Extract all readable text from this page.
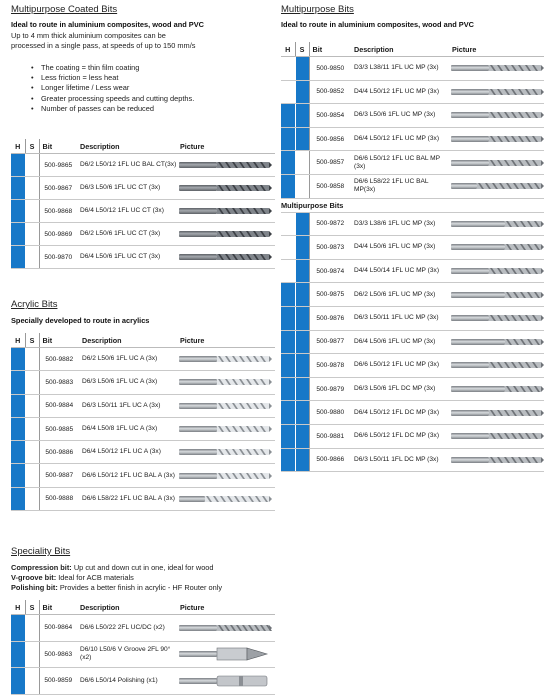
Multipurpose Coated Bits
Ideal to route in aluminium composites, wood and PVC
Up to 4 mm thick aluminium composites can be
processed in a single pass, at speeds of up to 150 mm/s
• The coating = thin film coating
• Less friction = less heat
• Longer lifetime / Less wear
• Greater processing speeds and cutting depths.
• Number of passes can be reduced
H	S	Bit	Description	Picture
		500-9865	D6/2 L50/12 1FL UC BAL CT(3x)	

		500-9867	D6/3 L50/6 1FL UC CT (3x)	

		500-9868	D6/4 L50/12 1FL UC CT (3x)	

		500-9869	D6/2 L50/6 1FL UC CT (3x)	

		500-9870	D6/4 L50/6 1FL UC CT (3x)	
Acrylic Bits
Specially developed to route in acrylics
H	S	Bit	Description	Picture
		500-9882	D6/2 L50/6 1FL UC A (3x)	

		500-9883	D6/3 L50/6 1FL UC A (3x)	

		500-9884	D6/3 L50/11 1FL UC A (3x)	

		500-9885	D6/4 L50/8 1FL UC A (3x)	

		500-9886	D6/4 L50/12 1FL UC A (3x)	

		500-9887	D6/6 L50/12 1FL UC BAL A (3x)	

		500-9888	D6/6 L58/22 1FL UC BAL A (3x)	
Speciality Bits
Compression bit: Up cut and down cut in one, ideal for wood
V-groove bit: Ideal for ACB materials
Polishing bit: Provides a better finish in acrylic - HF Router only
H	S	Bit	Description	Picture
		500-9864	D6/6 L50/22 2FL UC/DC (x2)	

		500-9863	D6/10 L50/6 V Groove 2FL 90°(x2)	

		500-9859	D6/6 L50/14 Polishing (x1)	
Multipurpose Bits
Ideal to route in aluminium composites, wood and PVC
H	S	Bit	Description	Picture
		500-9850	D3/3 L38/11 1FL UC MP (3x)	

		500-9852	D4/4 L50/12 1FL UC MP (3x)	

		500-9854	D6/3 L50/6 1FL UC MP (3x)	

		500-9856	D6/4 L50/12 1FL UC MP (3x)	

		500-9857	D6/6 L50/12 1FL UC BAL MP (3x)	

		500-9858	D6/6 L58/22 1FL UC BAL MP(3x)	

Multipurpose Bits				
		500-9872	D3/3 L38/6 1FL UC MP (3x)	

		500-9873	D4/4 L50/6 1FL UC MP (3x)	

		500-9874	D4/4 L50/14 1FL UC MP (3x)	

		500-9875	D6/2 L50/6 1FL UC MP (3x)	

		500-9876	D6/3 L50/11 1FL UC MP (3x)	

		500-9877	D6/4 L50/6 1FL UC MP (3x)	

		500-9878	D6/6 L50/12 1FL UC MP (3x)	

		500-9879	D6/3 L50/6 1FL DC MP (3x)	

		500-9880	D6/4 L50/12 1FL DC MP (3x)	

		500-9881	D6/6 L50/12 1FL DC MP (3x)	

		500-9866	D6/3 L50/11 1FL DC MP (3x)	
